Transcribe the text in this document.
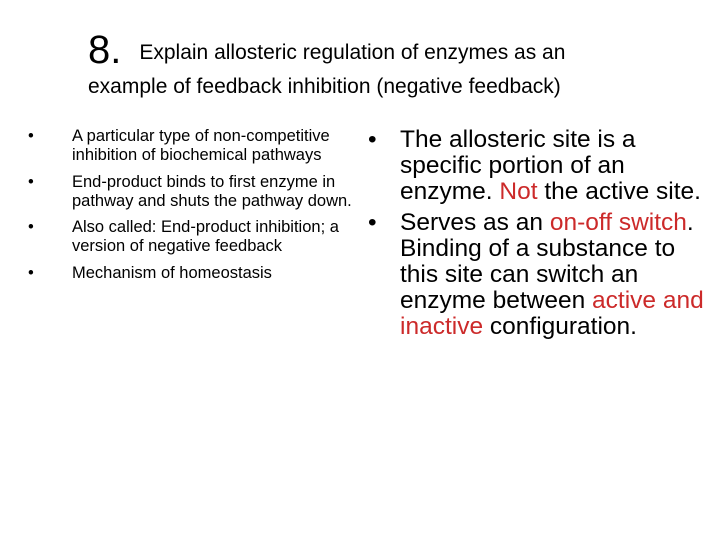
8. Explain allosteric regulation of enzymes as an
example of feedback inhibition (negative feedback)
• A particular type of non-competitive inhibition of biochemical pathways
• End-product binds to first enzyme in pathway and shuts the pathway down.
• Also called: End-product inhibition; a version of negative feedback
• Mechanism of homeostasis
• The allosteric site is a specific portion of an enzyme. Not the active site.
• Serves as an on-off switch. Binding of a substance to this site can switch an enzyme between active and inactive configuration.
